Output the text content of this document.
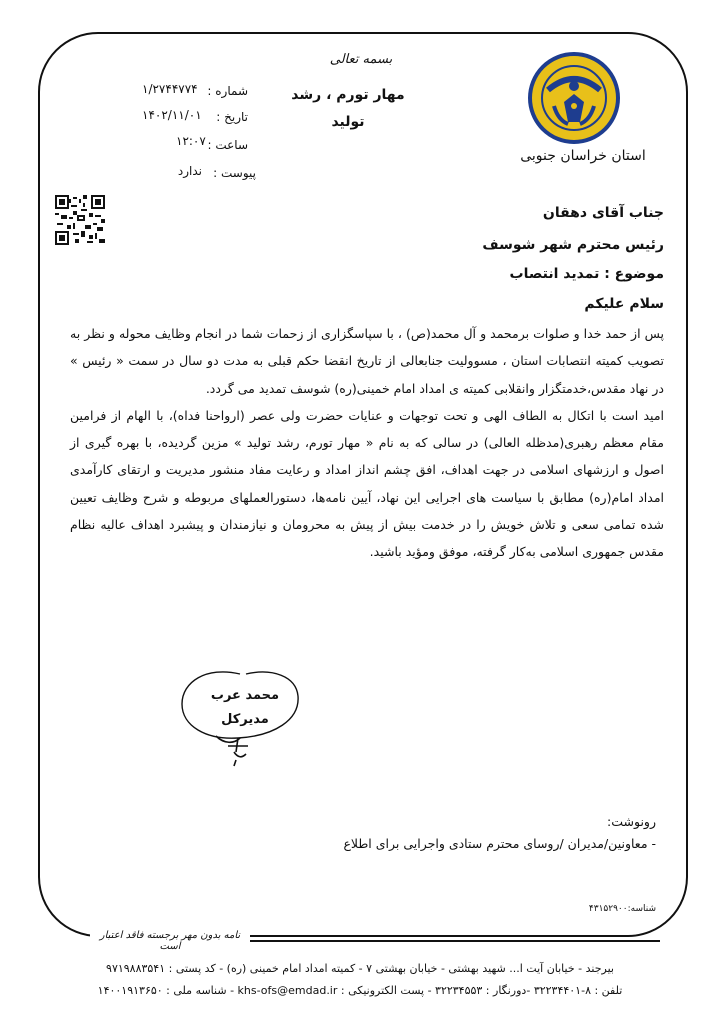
استان خراسان جنوبی
بسمه تعالی
مهار تورم ، رشد
تولید
شماره :
۱/۲۷۴۴۷۷۴
تاریخ :
۱۴۰۲/۱۱/۰۱
ساعت :
۱۲:۰۷
پیوست :
ندارد
جناب آقای دهقان
رئیس محترم شهر شوسف
موضوع : تمدید انتصاب
سلام علیکم

پس از حمد خدا و صلوات برمحمد و آل محمد(ص) ، با سپاسگزاری از زحمات شما در انجام وظایف محوله و نظر به تصویب کمیته انتصابات استان ، مسوولیت جنابعالی از تاریخ انقضا حکم قبلی به مدت دو سال در سمت « رئیس » در نهاد مقدس،خدمتگزار وانقلابی کمیته ی امداد امام خمینی(ره) شوسف تمدید می گردد.

امید است با اتکال به الطاف الهی و تحت توجهات و عنایات حضرت ولی عصر (ارواحنا فداه)، با الهام از فرامین مقام معظم رهبری(مدظله العالی) در سالی که به نام « مهار تورم، رشد تولید » مزین گردیده، با بهره گیری از اصول و ارزشهای اسلامی در جهت اهداف، افق چشم انداز امداد و رعایت مفاد منشور مدیریت و ارتقای کارآمدی امداد امام(ره) مطابق با سیاست های اجرایی این نهاد، آیین نامه‌ها، دستورالعملهای مربوطه و شرح وظایف تعیین شده تمامی سعی و تلاش خویش را در خدمت بیش از پیش به محرومان و نیازمندان و پیشبرد اهداف عالیه نظام مقدس جمهوری اسلامی به‌کار گرفته، موفق ومؤید باشید.

محمد عرب
مدیرکل
رونوشت:
- معاونین/مدیران /روسای محترم ستادی واجرایی برای اطلاع
شناسه:۴۳۱۵۲۹۰۰
نامه بدون مهر برجسته فاقد اعتبار است
بیرجند - خیابان آیت ا... شهید بهشتی - خیابان بهشتی ۷ - کمیته امداد امام خمینی (ره) - کد پستی : ۹۷۱۹۸۸۳۵۴۱
تلفن : ۸-۳۲۲۳۴۴۰۱ -دورنگار : ۳۲۲۳۴۵۵۳ - پست الکترونیکی : khs-ofs@emdad.ir - شناسه ملی : ۱۴۰۰۱۹۱۳۶۵۰
